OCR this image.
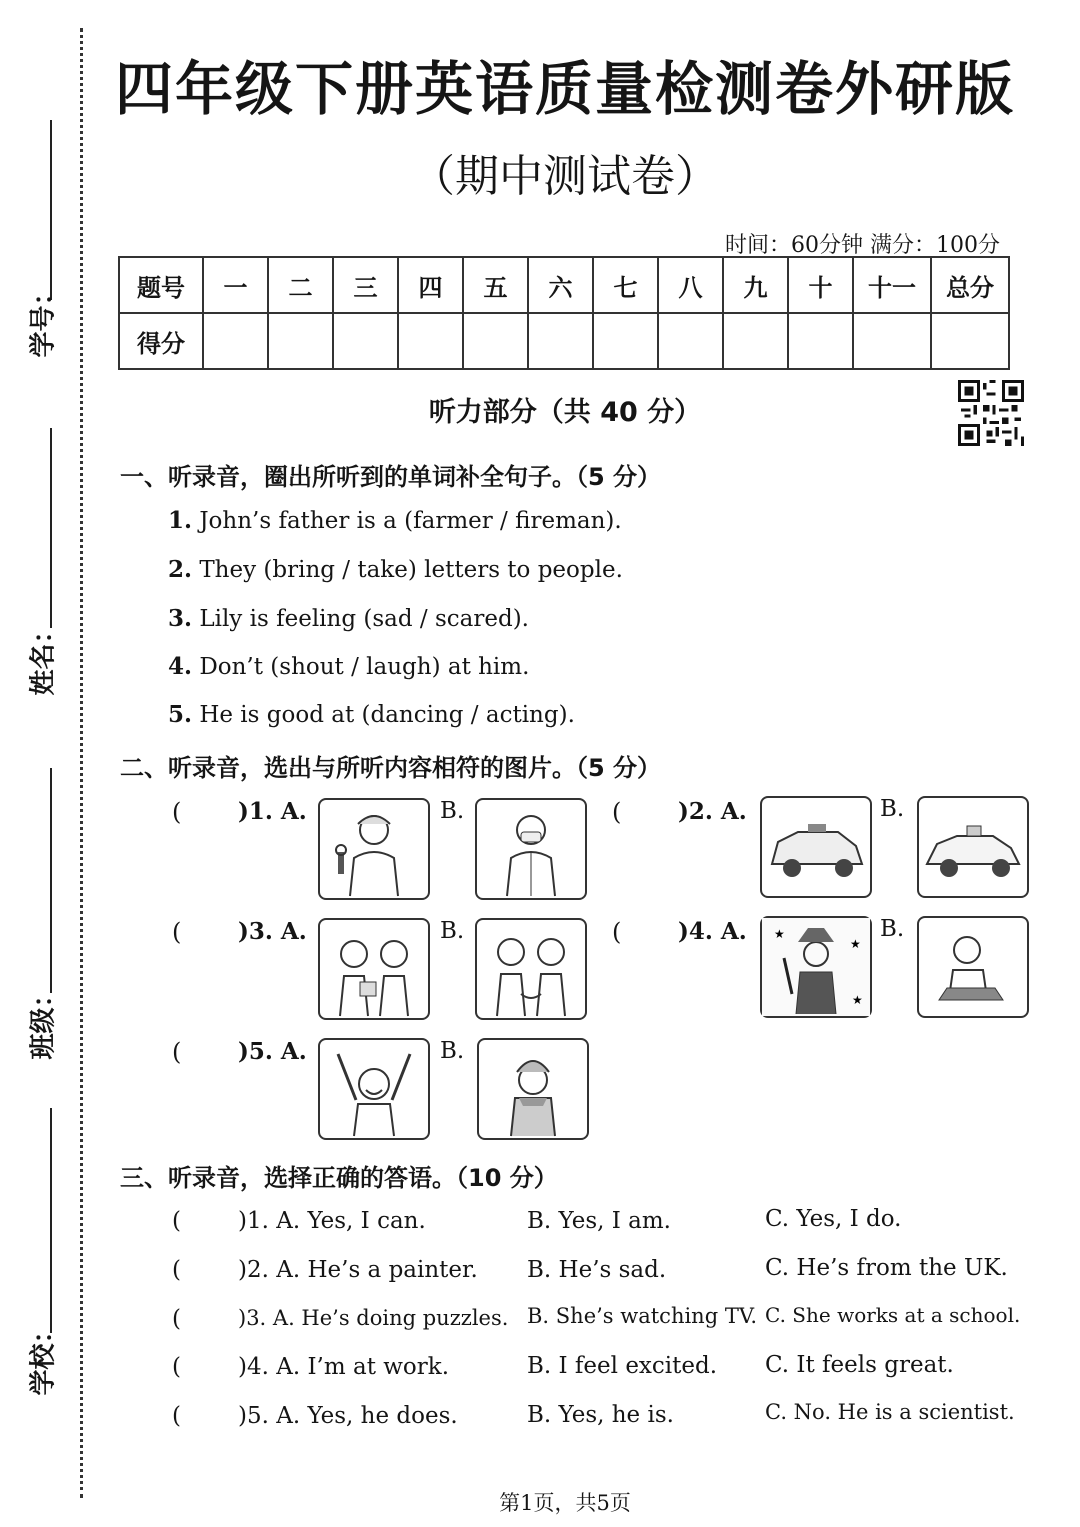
学号：
姓名：
班级：
学校：
四年级下册英语质量检测卷外研版
（期中测试卷）
时间：60分钟 满分：100分
题号	一	二	三	四	五	六	七	八	九	十	十一	总分
得分												
听力部分（共 40 分）
一、听录音，圈出所听到的单词补全句子。（5 分）
1. John’s father is a (farmer / fireman).
2. They (bring / take) letters to people.
3. Lily is feeling (sad / scared).
4. Don’t (shout / laugh) at him.
5. He is good at (dancing / acting).
二、听录音，选出与所听内容相符的图片。（5 分）
( )1. A.	B.	( )2. A.	B.
( )3. A.	B.	( )4. A. ★
★
★
B.
( )5. A.	B.
三、听录音，选择正确的答语。（10 分）
( )1. A. Yes, I can.	B. Yes, I am.	C. Yes, I do.
( )2. A. He’s a painter. B. He’s sad.	C. He’s from the UK.
(	)3. A. He’s doing puzzles. B. She’s watching TV. C. She works at a school.
( )4. A. I’m at work.	B. I feel excited. C. It feels great.
( )5. A. Yes, he does.	B. Yes, he is.	C. No. He is a scientist.
第1页，共5页
